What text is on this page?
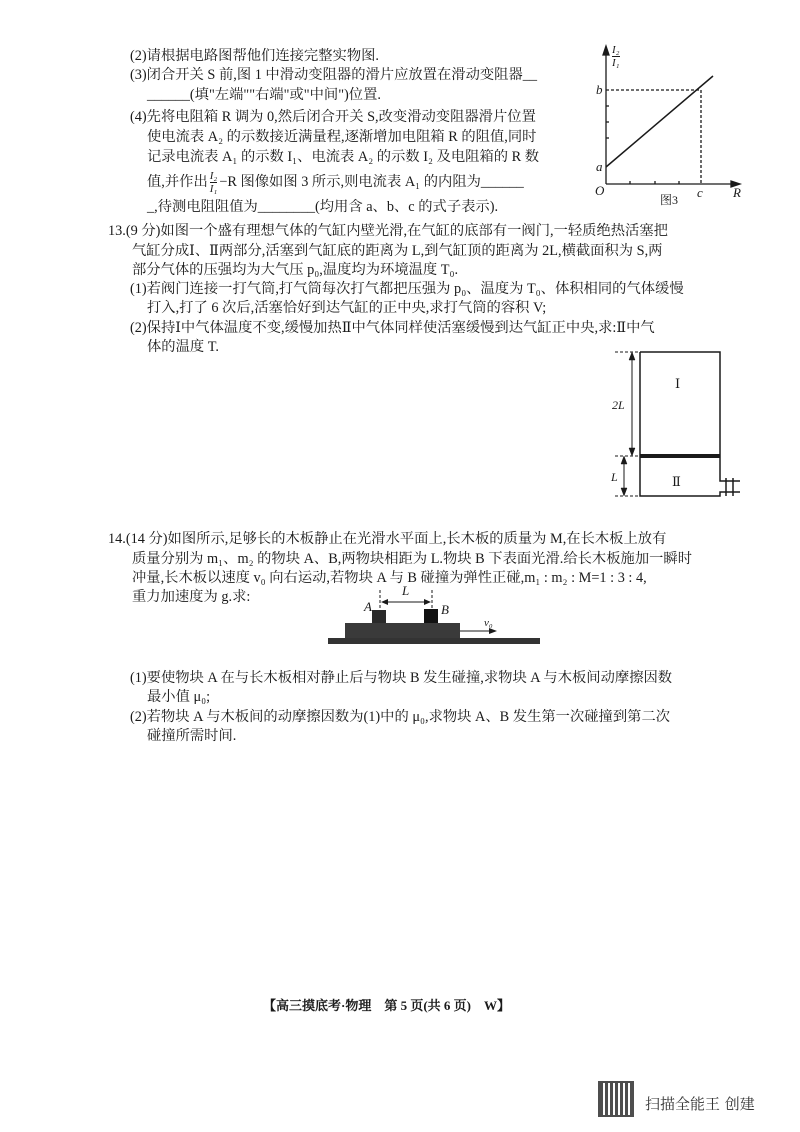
(2)请根据电路图帮他们连接完整实物图.
(3)闭合开关 S 前,图 1 中滑动变阻器的滑片应放置在滑动变阻器__
______(填"左端""右端"或"中间")位置.
(4)先将电阻箱 R 调为 0,然后闭合开关 S,改变滑动变阻器滑片位置
使电流表 A₂ 的示数接近满量程,逐渐增加电阻箱 R 的阻值,同时
记录电流表 A₁ 的示数 I₁、电流表 A₂ 的示数 I₂ 及电阻箱的 R 数
值,并作出 $\frac{\text{I₂}}{\text{I₁}} -R$ 图像如图 3 所示,则电流表 A₁ 的内阻为______
_,待测电阻阻值为________(均用含 a、b、c 的式子表示).
$\frac{\text{I₂}}{\text{I₁}}$
b
a
O	c R
图3
13.(9 分)如图一个盛有理想气体的气缸内壁光滑,在气缸的底部有一阀门,一轻质绝热活塞把
气缸分成Ⅰ、Ⅱ两部分,活塞到气缸底的距离为 L,到气缸顶的距离为 2L,横截面积为 S,两
部分气体的压强均为大气压 p₀,温度均为环境温度 T₀.
(1)若阀门连接一打气筒,打气筒每次打气都把压强为 p₀、温度为 T₀、体积相同的气体缓慢
打入,打了 6 次后,活塞恰好到达气缸的正中央,求打气筒的容积 V;
(2)保持Ⅰ中气体温度不变,缓慢加热Ⅱ中气体同样使活塞缓慢到达气缸正中央,求:Ⅱ中气
体的温度 T.
Ⅰ
Ⅱ
2L
L
14.(14 分)如图所示,足够长的木板静止在光滑水平面上,长木板的质量为 M,在长木板上放有
质量分别为 m₁、m₂ 的物块 A、B,两物块相距为 L.物块 B 下表面光滑.给长木板施加一瞬时
冲量,长木板以速度 v₀ 向右运动,若物块 A 与 B 碰撞为弹性正碰,m₁ : m₂ : M=1 : 3 : 4,
重力加速度为 g.求:
(1)要使物块 A 在与长木板相对静止后与物块 B 发生碰撞,求物块 A 与木板间动摩擦因数
最小值 μ₀;
(2)若物块 A 与木板间的动摩擦因数为(1)中的 μ₀,求物块 A、B 发生第一次碰撞到第二次
碰撞所需时间.
A	B
L
v₀
【高三摸底考·物理　第 5 页(共 6 页)　W】
扫描全能王 创建
